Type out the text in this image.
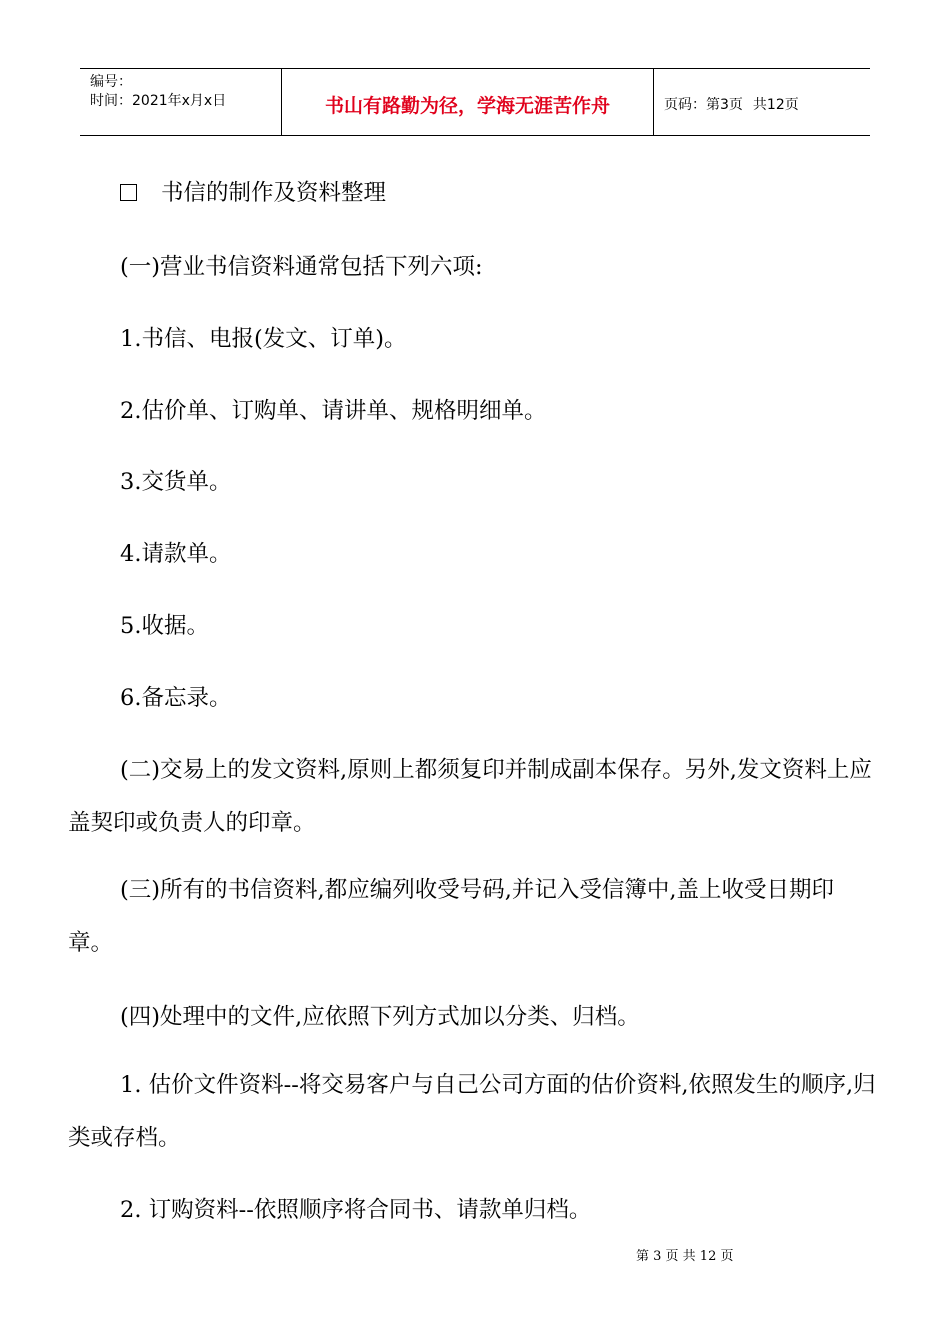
编号：
时间：2021年x月x日	书山有路勤为径，学海无涯苦作舟	页码：第3页 共12页
书信的制作及资料整理

(一)营业书信资料通常包括下列六项:

1.书信、电报(发文、订单)。

2.估价单、订购单、请讲单、规格明细单。

3.交货单。

4.请款单。

5.收据。

6.备忘录。

(二)交易上的发文资料,原则上都须复印并制成副本保存。另外,发文资料上应盖契印或负责人的印章。

(三)所有的书信资料,都应编列收受号码,并记入受信簿中,盖上收受日期印章。

(四)处理中的文件,应依照下列方式加以分类、归档。

1. 估价文件资料--将交易客户与自己公司方面的估价资料,依照发生的顺序,归类或存档。

2. 订购资料--依照顺序将合同书、请款单归档。

第 3 页 共 12 页
